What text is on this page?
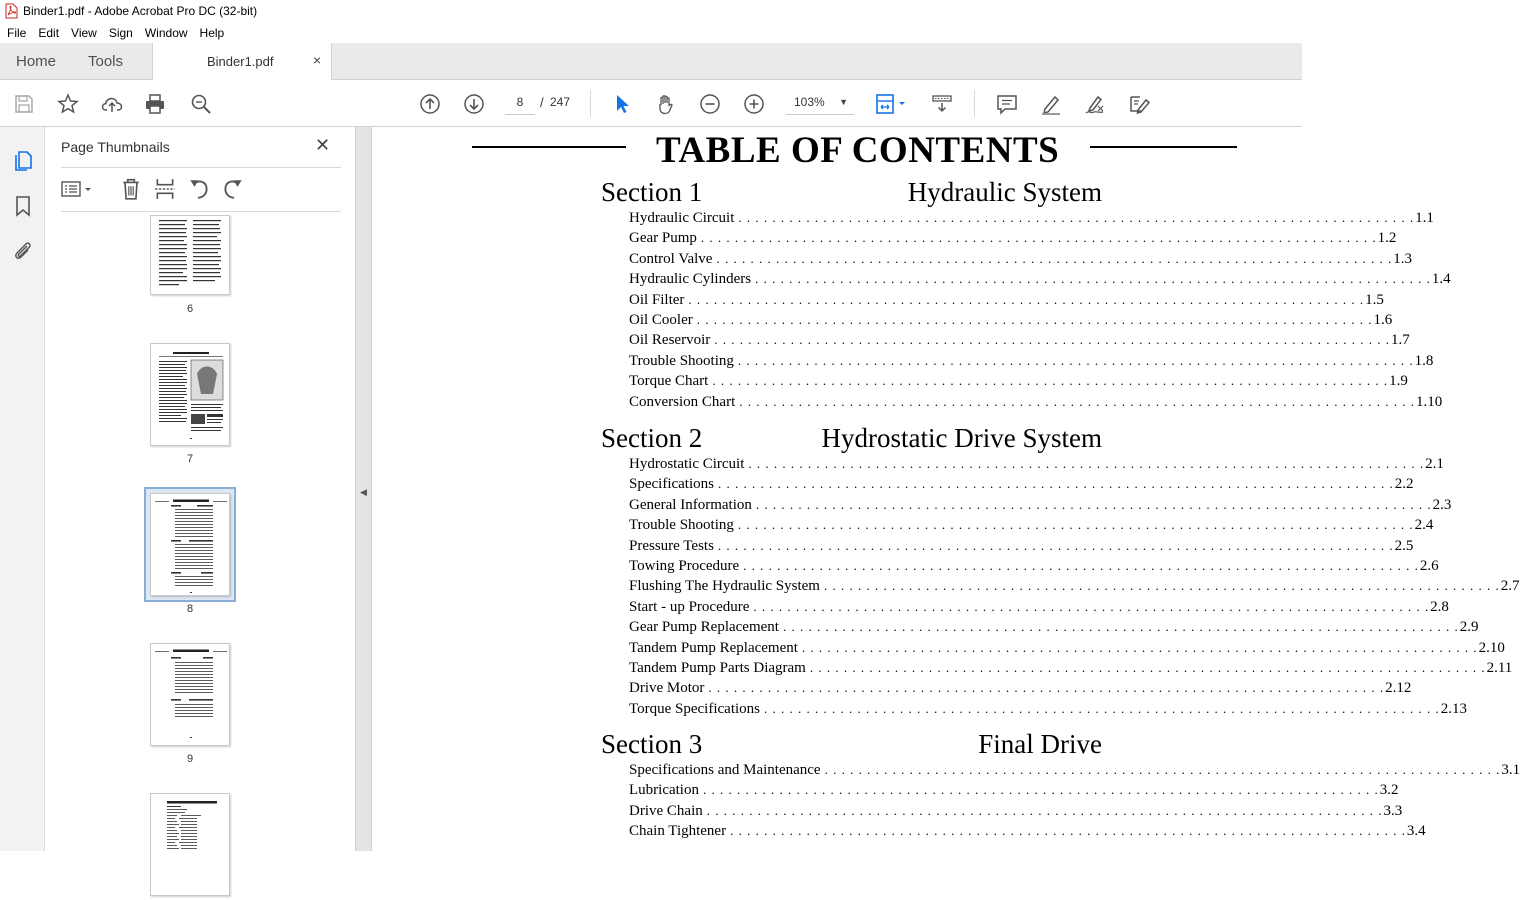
Binder1.pdf - Adobe Acrobat Pro DC (32-bit)
File	Edit	View	Sign	Window	Help
Home Tools	Binder1.pdf	×
8	/ 247	103% ▼
Page Thumbnails	✕
6
7
8
9
◀
TABLE OF CONTENTS
Section 1	Hydraulic System
Hydraulic Circuit . . . . . . . . . . . . . . . . . . . . . . . . . . . . . . . . . . . . . . . . . . . . . . . . . . . . . . . . . . . . . . . . . . . . . . . . . . . . . . . . 1.1
Gear Pump . . . . . . . . . . . . . . . . . . . . . . . . . . . . . . . . . . . . . . . . . . . . . . . . . . . . . . . . . . . . . . . . . . . . . . . . . . . . . . . . 1.2
Control Valve . . . . . . . . . . . . . . . . . . . . . . . . . . . . . . . . . . . . . . . . . . . . . . . . . . . . . . . . . . . . . . . . . . . . . . . . . . . . . . . . 1.3
Hydraulic Cylinders . . . . . . . . . . . . . . . . . . . . . . . . . . . . . . . . . . . . . . . . . . . . . . . . . . . . . . . . . . . . . . . . . . . . . . . . . . . . . . . . 1.4
Oil Filter . . . . . . . . . . . . . . . . . . . . . . . . . . . . . . . . . . . . . . . . . . . . . . . . . . . . . . . . . . . . . . . . . . . . . . . . . . . . . . . . 1.5
Oil Cooler . . . . . . . . . . . . . . . . . . . . . . . . . . . . . . . . . . . . . . . . . . . . . . . . . . . . . . . . . . . . . . . . . . . . . . . . . . . . . . . . 1.6
Oil Reservoir . . . . . . . . . . . . . . . . . . . . . . . . . . . . . . . . . . . . . . . . . . . . . . . . . . . . . . . . . . . . . . . . . . . . . . . . . . . . . . . . 1.7
Trouble Shooting . . . . . . . . . . . . . . . . . . . . . . . . . . . . . . . . . . . . . . . . . . . . . . . . . . . . . . . . . . . . . . . . . . . . . . . . . . . . . . . . 1.8
Torque Chart . . . . . . . . . . . . . . . . . . . . . . . . . . . . . . . . . . . . . . . . . . . . . . . . . . . . . . . . . . . . . . . . . . . . . . . . . . . . . . . . 1.9
Conversion Chart . . . . . . . . . . . . . . . . . . . . . . . . . . . . . . . . . . . . . . . . . . . . . . . . . . . . . . . . . . . . . . . . . . . . . . . . . . . . . . . . 1.10
Section 2	Hydrostatic Drive System
Hydrostatic Circuit . . . . . . . . . . . . . . . . . . . . . . . . . . . . . . . . . . . . . . . . . . . . . . . . . . . . . . . . . . . . . . . . . . . . . . . . . . . . . . . . 2.1
Specifications . . . . . . . . . . . . . . . . . . . . . . . . . . . . . . . . . . . . . . . . . . . . . . . . . . . . . . . . . . . . . . . . . . . . . . . . . . . . . . . . 2.2
General Information . . . . . . . . . . . . . . . . . . . . . . . . . . . . . . . . . . . . . . . . . . . . . . . . . . . . . . . . . . . . . . . . . . . . . . . . . . . . . . . . 2.3
Trouble Shooting . . . . . . . . . . . . . . . . . . . . . . . . . . . . . . . . . . . . . . . . . . . . . . . . . . . . . . . . . . . . . . . . . . . . . . . . . . . . . . . . 2.4
Pressure Tests . . . . . . . . . . . . . . . . . . . . . . . . . . . . . . . . . . . . . . . . . . . . . . . . . . . . . . . . . . . . . . . . . . . . . . . . . . . . . . . . 2.5
Towing Procedure . . . . . . . . . . . . . . . . . . . . . . . . . . . . . . . . . . . . . . . . . . . . . . . . . . . . . . . . . . . . . . . . . . . . . . . . . . . . . . . . 2.6
Flushing The Hydraulic System . . . . . . . . . . . . . . . . . . . . . . . . . . . . . . . . . . . . . . . . . . . . . . . . . . . . . . . . . . . . . . . . . . . . . . . . . . . . . . . . 2.7
Start - up Procedure . . . . . . . . . . . . . . . . . . . . . . . . . . . . . . . . . . . . . . . . . . . . . . . . . . . . . . . . . . . . . . . . . . . . . . . . . . . . . . . . 2.8
Gear Pump Replacement . . . . . . . . . . . . . . . . . . . . . . . . . . . . . . . . . . . . . . . . . . . . . . . . . . . . . . . . . . . . . . . . . . . . . . . . . . . . . . . . 2.9
Tandem Pump Replacement . . . . . . . . . . . . . . . . . . . . . . . . . . . . . . . . . . . . . . . . . . . . . . . . . . . . . . . . . . . . . . . . . . . . . . . . . . . . . . . . 2.10
Tandem Pump Parts Diagram . . . . . . . . . . . . . . . . . . . . . . . . . . . . . . . . . . . . . . . . . . . . . . . . . . . . . . . . . . . . . . . . . . . . . . . . . . . . . . . . 2.11
Drive Motor . . . . . . . . . . . . . . . . . . . . . . . . . . . . . . . . . . . . . . . . . . . . . . . . . . . . . . . . . . . . . . . . . . . . . . . . . . . . . . . . 2.12
Torque Specifications . . . . . . . . . . . . . . . . . . . . . . . . . . . . . . . . . . . . . . . . . . . . . . . . . . . . . . . . . . . . . . . . . . . . . . . . . . . . . . . . 2.13
Section 3	Final Drive
Specifications and Maintenance . . . . . . . . . . . . . . . . . . . . . . . . . . . . . . . . . . . . . . . . . . . . . . . . . . . . . . . . . . . . . . . . . . . . . . . . . . . . . . . . 3.1
Lubrication . . . . . . . . . . . . . . . . . . . . . . . . . . . . . . . . . . . . . . . . . . . . . . . . . . . . . . . . . . . . . . . . . . . . . . . . . . . . . . . . 3.2
Drive Chain . . . . . . . . . . . . . . . . . . . . . . . . . . . . . . . . . . . . . . . . . . . . . . . . . . . . . . . . . . . . . . . . . . . . . . . . . . . . . . . . 3.3
Chain Tightener . . . . . . . . . . . . . . . . . . . . . . . . . . . . . . . . . . . . . . . . . . . . . . . . . . . . . . . . . . . . . . . . . . . . . . . . . . . . . . . . 3.4
